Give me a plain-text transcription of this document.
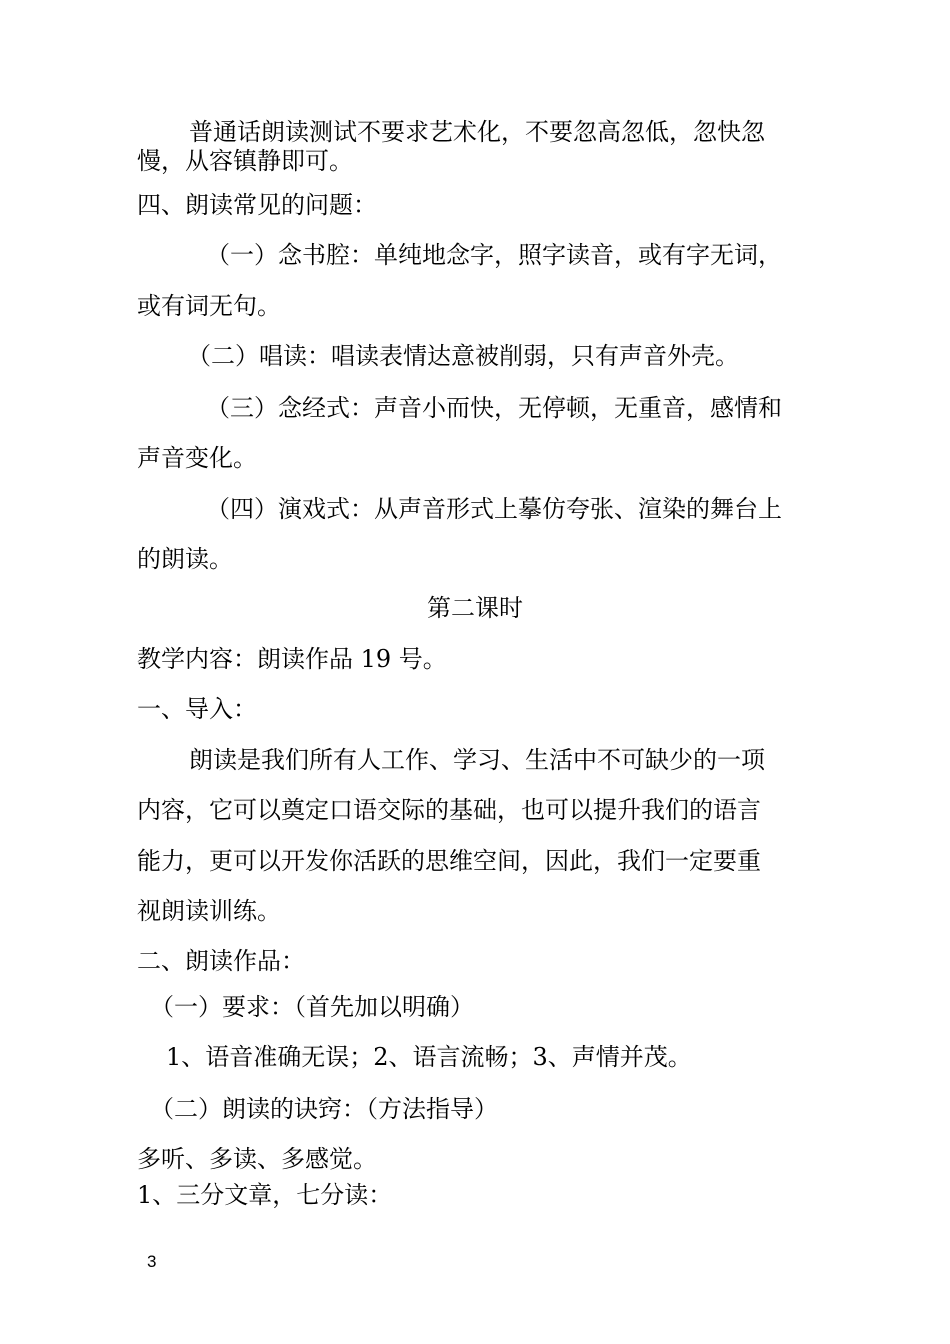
普通话朗读测试不要求艺术化，不要忽高忽低，忽快忽

慢，从容镇静即可。

四、朗读常见的问题：

（一）念书腔：单纯地念字，照字读音，或有字无词，

或有词无句。

（二）唱读：唱读表情达意被削弱，只有声音外壳。

（三）念经式：声音小而快，无停顿，无重音，感情和

声音变化。

（四）演戏式：从声音形式上摹仿夸张、渲染的舞台上

的朗读。

第二课时

教学内容：朗读作品 19 号。

一、导入：

朗读是我们所有人工作、学习、生活中不可缺少的一项

内容，它可以奠定口语交际的基础，也可以提升我们的语言

能力，更可以开发你活跃的思维空间，因此，我们一定要重

视朗读训练。

二、朗读作品：

（一）要求：（首先加以明确）

1、语音准确无误；2、语言流畅；3、声情并茂。

（二）朗读的诀窍：（方法指导）

多听、多读、多感觉。

1、三分文章，七分读：

3
